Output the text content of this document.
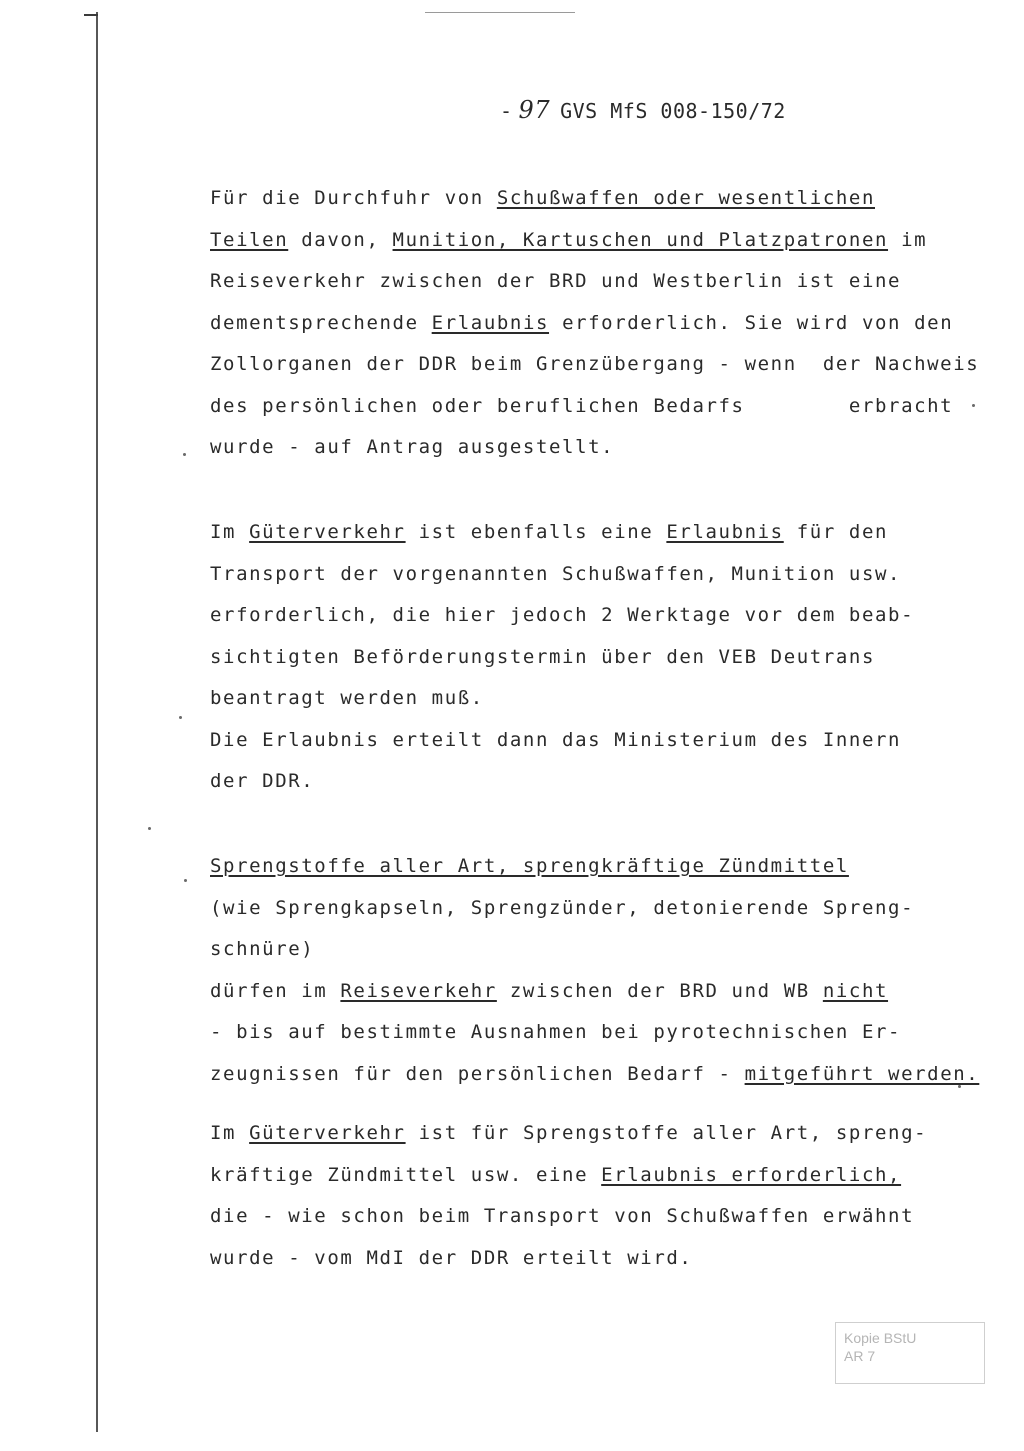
- 97 GVS MfS 008-150/72
Für die Durchfuhr von Schußwaffen oder wesentlichen
Teilen davon, Munition, Kartuschen und Platzpatronen im
Reiseverkehr zwischen der BRD und Westberlin ist eine
dementsprechende Erlaubnis erforderlich. Sie wird von den
Zollorganen der DDR beim Grenzübergang - wenn  der Nachweis
des persönlichen oder beruflichen Bedarfs        erbracht
wurde - auf Antrag ausgestellt.
Im Güterverkehr ist ebenfalls eine Erlaubnis für den
Transport der vorgenannten Schußwaffen, Munition usw.
erforderlich, die hier jedoch 2 Werktage vor dem beab-
sichtigten Beförderungstermin über den VEB Deutrans
beantragt werden muß.
Die Erlaubnis erteilt dann das Ministerium des Innern
der DDR.
Sprengstoffe aller Art, sprengkräftige Zündmittel
(wie Sprengkapseln, Sprengzünder, detonierende Spreng-
schnüre)
dürfen im Reiseverkehr zwischen der BRD und WB nicht
- bis auf bestimmte Ausnahmen bei pyrotechnischen Er-
zeugnissen für den persönlichen Bedarf - mitgeführt werden.
Im Güterverkehr ist für Sprengstoffe aller Art, spreng-
kräftige Zündmittel usw. eine Erlaubnis erforderlich,
die - wie schon beim Transport von Schußwaffen erwähnt
wurde - vom MdI der DDR erteilt wird.
Kopie BStU
AR 7
